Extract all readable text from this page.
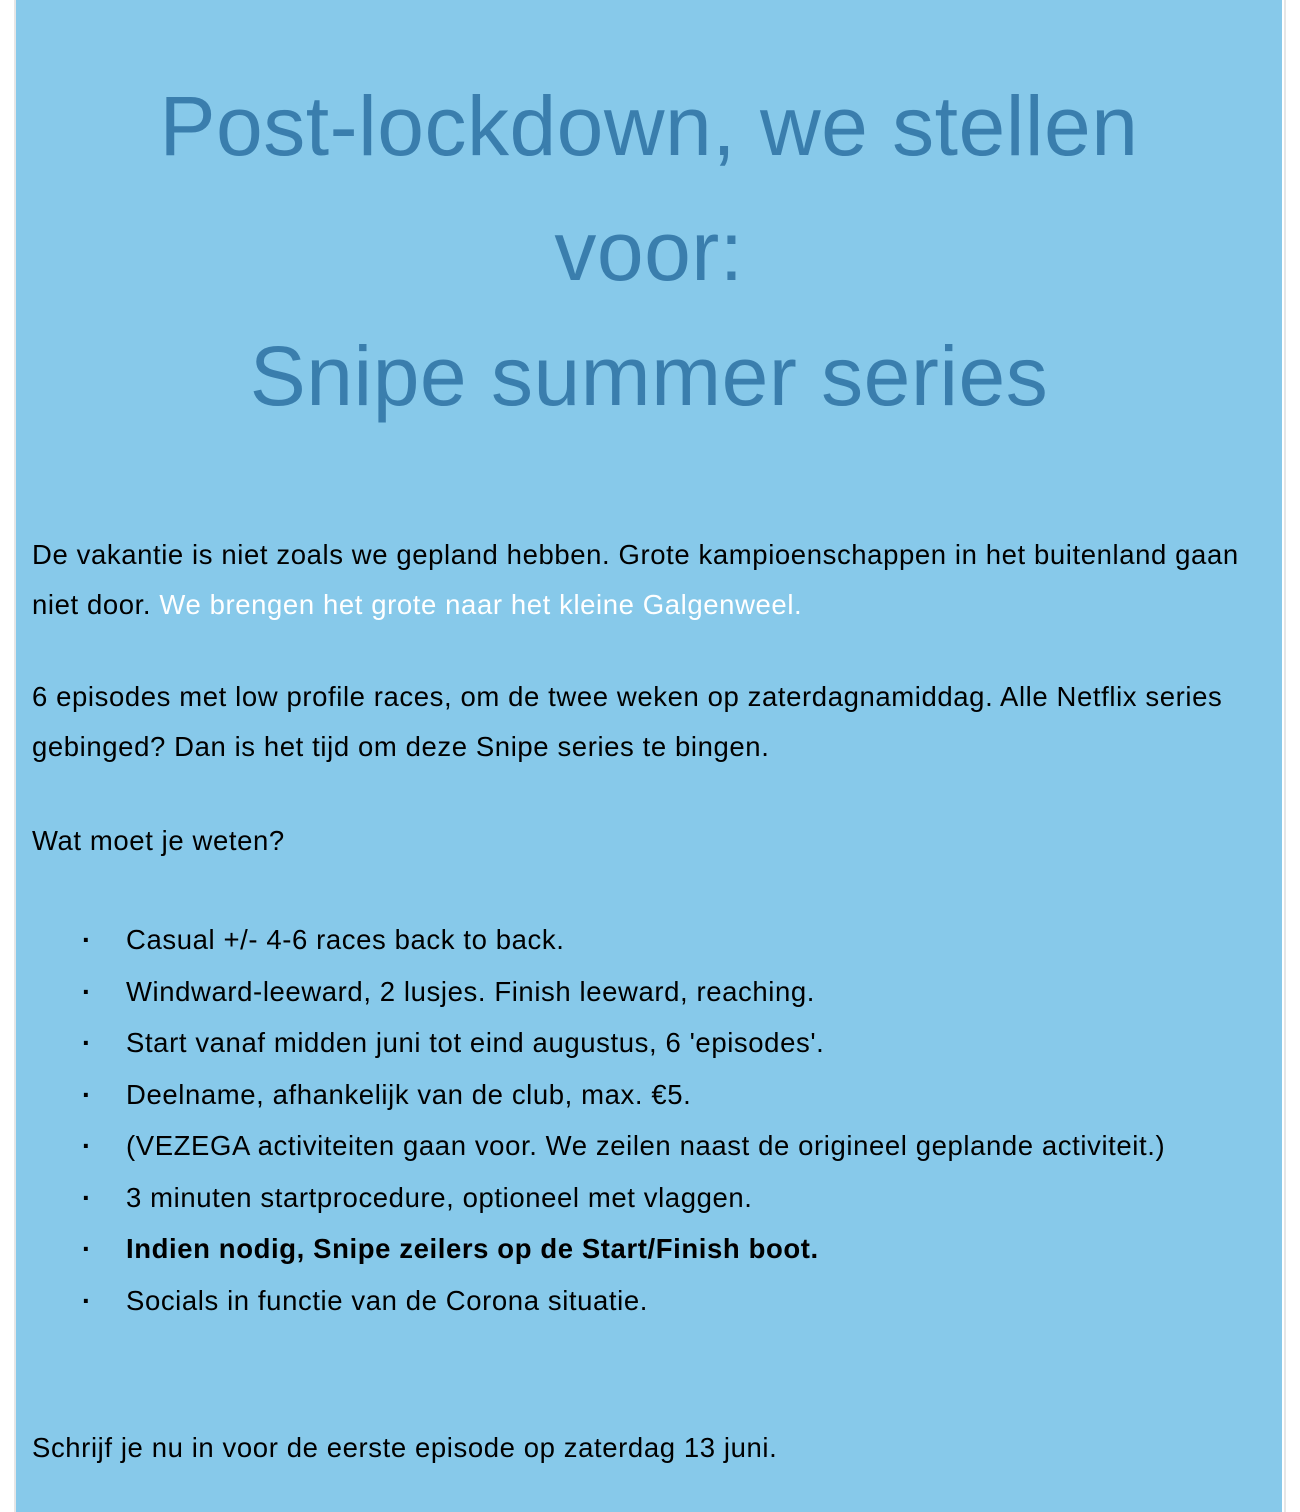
Post-lockdown, we stellen
voor:
Snipe summer series

De vakantie is niet zoals we gepland hebben. Grote kampioenschappen in het buitenland gaan niet door. We brengen het grote naar het kleine Galgenweel.

6 episodes met low profile races, om de twee weken op zaterdagnamiddag. Alle Netflix series gebinged? Dan is het tijd om deze Snipe series te bingen.

Wat moet je weten?

· Casual +/- 4-6 races back to back.
· Windward-leeward, 2 lusjes. Finish leeward, reaching.
· Start vanaf midden juni tot eind augustus, 6 'episodes'.
· Deelname, afhankelijk van de club, max. €5.
· (VEZEGA activiteiten gaan voor. We zeilen naast de origineel geplande activiteit.)
· 3 minuten startprocedure, optioneel met vlaggen.
· Indien nodig, Snipe zeilers op de Start/Finish boot.
· Socials in functie van de Corona situatie.

Schrijf je nu in voor de eerste episode op zaterdag 13 juni.
